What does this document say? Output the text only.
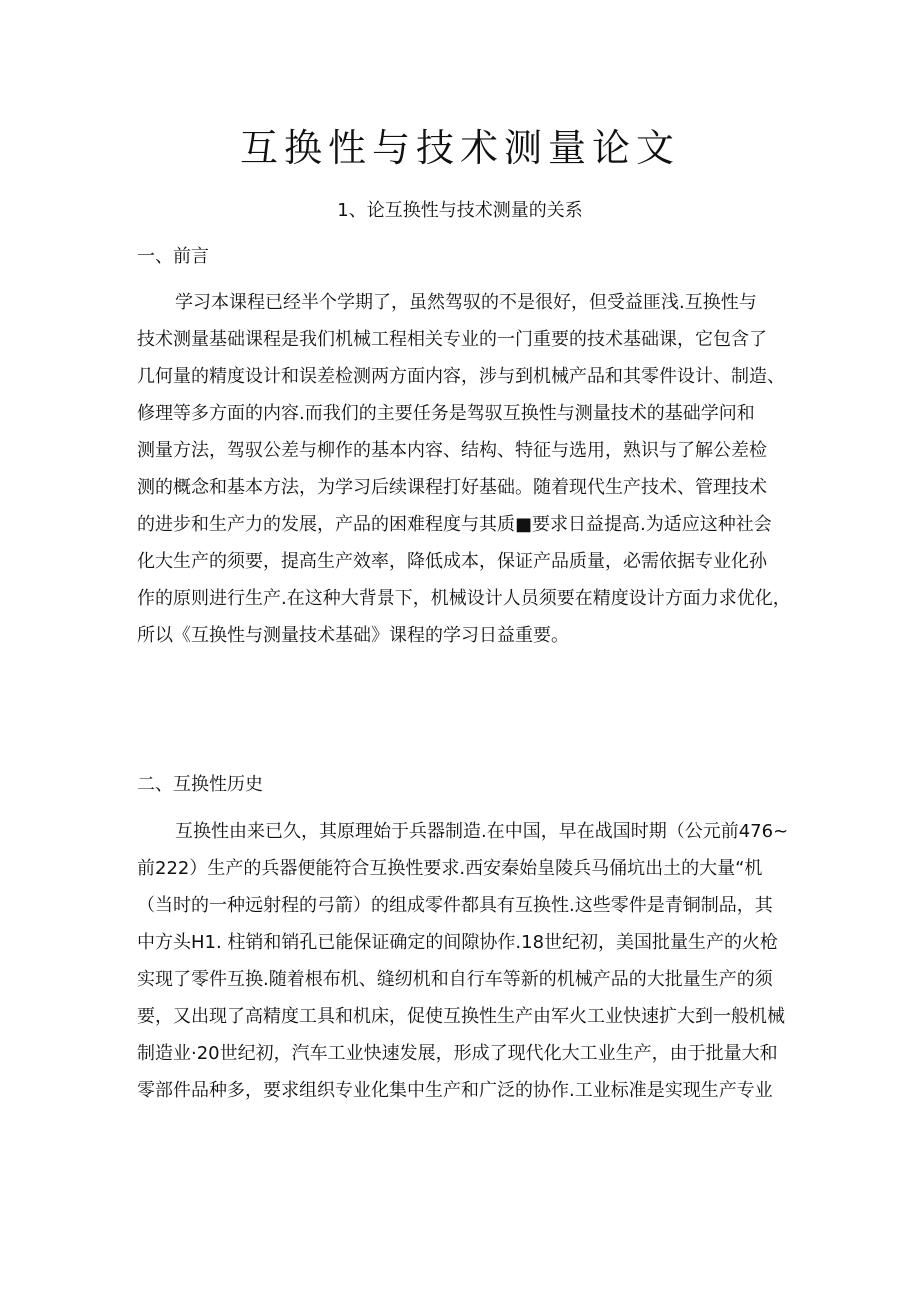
互换性与技术测量论文
1、论互换性与技术测量的关系
一、前言
学习本课程已经半个学期了，虽然驾驭的不是很好，但受益匪浅.互换性与
技术测量基础课程是我们机械工程相关专业的一门重要的技术基础课，它包含了
几何量的精度设计和误差检测两方面内容，涉与到机械产品和其零件设计、制造、
修理等多方面的内容.而我们的主要任务是驾驭互换性与测量技术的基础学问和
测量方法，驾驭公差与柳作的基本内容、结构、特征与选用，熟识与了解公差检
测的概念和基本方法，为学习后续课程打好基础。随着现代生产技术、管理技术
的进步和生产力的发展，产品的困难程度与其质■要求日益提高.为适应这种社会
化大生产的须要，提高生产效率，降低成本，保证产品质量，必需依据专业化孙
作的原则进行生产.在这种大背景下，机械设计人员须要在精度设计方面力求优化，
所以《互换性与测量技术基础》课程的学习日益重要。
二、互换性历史
互换性由来已久，其原理始于兵器制造.在中国，早在战国时期（公元前476~
前222）生产的兵器便能符合互换性要求.西安秦始皇陵兵马俑坑出土的大量“机
（当时的一种远射程的弓箭）的组成零件都具有互换性.这些零件是青铜制品，其
中方头H1. 柱销和销孔已能保证确定的间隙协作.18世纪初，美国批量生产的火枪
实现了零件互换.随着根布机、缝纫机和自行车等新的机械产品的大批量生产的须
要，又出现了高精度工具和机床，促使互换性生产由军火工业快速扩大到一般机械
制造业·20世纪初，汽车工业快速发展，形成了现代化大工业生产，由于批量大和
零部件品种多，要求组织专业化集中生产和广泛的协作.工业标准是实现生产专业
